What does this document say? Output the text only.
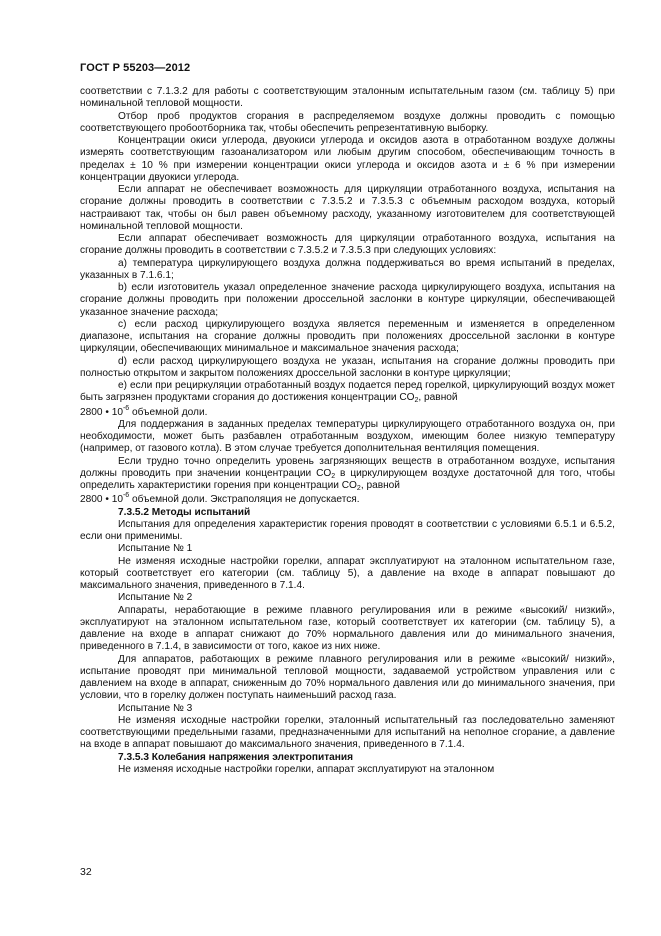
ГОСТ Р 55203—2012

соответствии с 7.1.3.2 для работы с соответствующим эталонным испытательным газом (см. таблицу 5) при номинальной тепловой мощности.

Отбор проб продуктов сгорания в распределяемом воздухе должны проводить с помощью соответствующего пробоотборника так, чтобы обеспечить репрезентативную выборку.

Концентрации окиси углерода, двуокиси углерода и оксидов азота в отработанном воздухе должны измерять соответствующим газоанализатором или любым другим способом, обеспечивающим точность в пределах ± 10 % при измерении концентрации окиси углерода и оксидов азота и ± 6 % при измерении концентрации двуокиси углерода.

Если аппарат не обеспечивает возможность для циркуляции отработанного воздуха, испытания на сгорание должны проводить в соответствии с 7.3.5.2 и 7.3.5.3 с объемным расходом воздуха, который настраивают так, чтобы он был равен объемному расходу, указанному изготовителем для соответствующей номинальной тепловой мощности.

Если аппарат обеспечивает возможность для циркуляции отработанного воздуха, испытания на сгорание должны проводить в соответствии с 7.3.5.2 и 7.3.5.3 при следующих условиях:

a) температура циркулирующего воздуха должна поддерживаться во время испытаний в пределах, указанных в 7.1.6.1;

b) если изготовитель указал определенное значение расхода циркулирующего воздуха, испытания на сгорание должны проводить при положении дроссельной заслонки в контуре циркуляции, обеспечивающей указанное значение расхода;

c) если расход циркулирующего воздуха является переменным и изменяется в определенном диапазоне, испытания на сгорание должны проводить при положениях дроссельной заслонки в контуре циркуляции, обеспечивающих минимальное и максимальное значения расхода;

d) если расход циркулирующего воздуха не указан, испытания на сгорание должны проводить при полностью открытом и закрытом положениях дроссельной заслонки в контуре циркуляции;

e) если при рециркуляции отработанный воздух подается перед горелкой, циркулирующий воздух может быть загрязнен продуктами сгорания до достижения концентрации $CO_2$, равной

2800 • $10^{-6}$ объемной доли.

Для поддержания в заданных пределах температуры циркулирующего отработанного воздуха он, при необходимости, может быть разбавлен отработанным воздухом, имеющим более низкую температуру (например, от газового котла). В этом случае требуется дополнительная вентиляция помещения.

Если трудно точно определить уровень загрязняющих веществ в отработанном воздухе, испытания должны проводить при значении концентрации $CO_2$ в циркулирующем воздухе достаточной для того, чтобы определить характеристики горения при концентрации $CO_2$, равной

2800 • $10^{-6}$ объемной доли. Экстраполяция не допускается.

7.3.5.2 Методы испытаний

Испытания для определения характеристик горения проводят в соответствии с условиями 6.5.1 и 6.5.2, если они применимы.

Испытание № 1

Не изменяя исходные настройки горелки, аппарат эксплуатируют на эталонном испытательном газе, который соответствует его категории (см. таблицу 5), а давление на входе в аппарат повышают до максимального значения, приведенного в 7.1.4.

Испытание № 2

Аппараты, неработающие в режиме плавного регулирования или в режиме «высокий/ низкий», эксплуатируют на эталонном испытательном газе, который соответствует их категории (см. таблицу 5), а давление на входе в аппарат снижают до 70% нормального давления или до минимального значения, приведенного в 7.1.4, в зависимости от того, какое из них ниже.

Для аппаратов, работающих в режиме плавного регулирования или в режиме «высокий/ низкий», испытание проводят при минимальной тепловой мощности, задаваемой устройством управления или с давлением на входе в аппарат, сниженным до 70% нормального давления или до минимального значения, при условии, что в горелку должен поступать наименьший расход газа.

Испытание № 3

Не изменяя исходные настройки горелки, эталонный испытательный газ последовательно заменяют соответствующими предельными газами, предназначенными для испытаний на неполное сгорание, а давление на входе в аппарат повышают до максимального значения, приведенного в 7.1.4.

7.3.5.3 Колебания напряжения электропитания

Не изменяя исходные настройки горелки, аппарат эксплуатируют на эталонном

32
